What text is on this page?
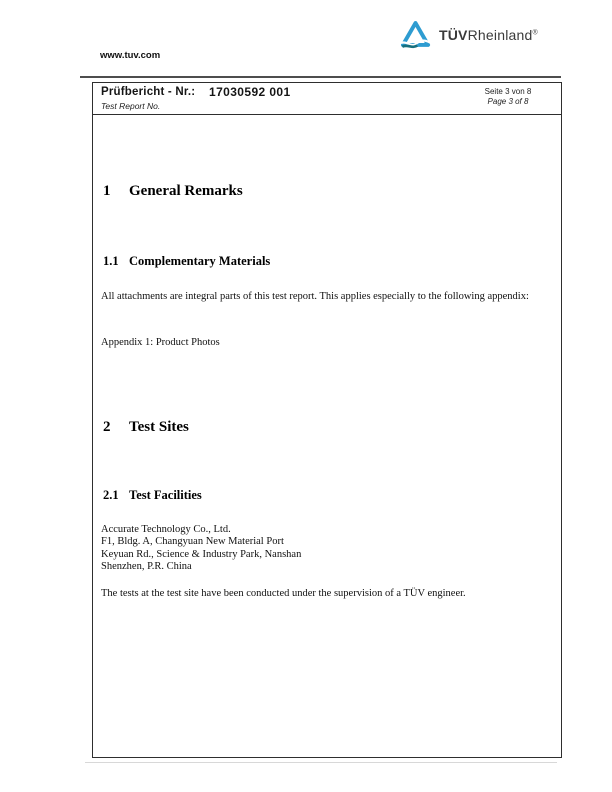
TÜVRheinland®
www.tuv.com
Prüfbericht - Nr.: 17030592 001
Test Report No.
Seite 3 von 8
Page 3 of 8
1 General Remarks
1.1 Complementary Materials
All attachments are integral parts of this test report. This applies especially to the following appendix:
Appendix 1: Product Photos
2 Test Sites
2.1 Test Facilities
Accurate Technology Co., Ltd.
F1, Bldg. A, Changyuan New Material Port
Keyuan Rd., Science & Industry Park, Nanshan
Shenzhen, P.R. China
The tests at the test site have been conducted under the supervision of a TÜV engineer.
